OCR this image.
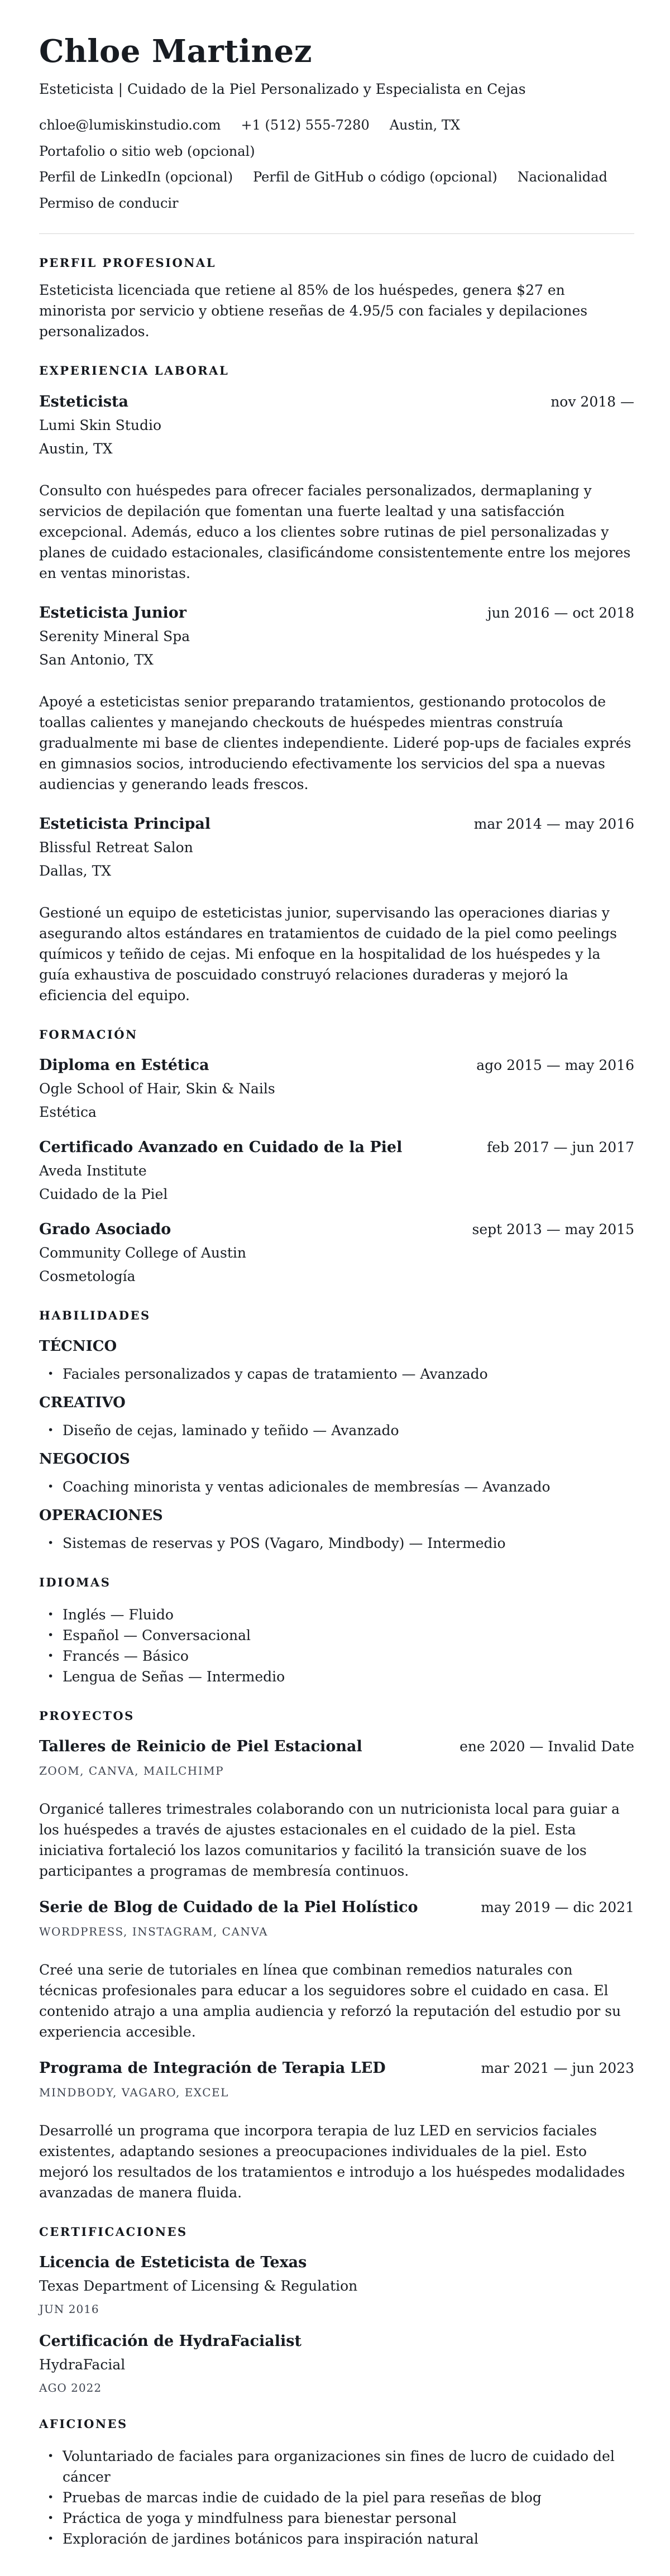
Chloe Martinez
Esteticista | Cuidado de la Piel Personalizado y Especialista en Cejas
chloe@lumiskinstudio.com +1 (512) 555-7280 Austin, TX
Portafolio o sitio web (opcional)
Perfil de LinkedIn (opcional) Perfil de GitHub o código (opcional) Nacionalidad
Permiso de conducir
PERFIL PROFESIONAL

Esteticista licenciada que retiene al 85% de los huéspedes, genera $27 en minorista por servicio y obtiene reseñas de 4.95/5 con faciales y depilaciones personalizados.

EXPERIENCIA LABORAL
Esteticista	nov 2018 —
Lumi Skin Studio
Austin, TX

Consulto con huéspedes para ofrecer faciales personalizados, dermaplaning y servicios de depilación que fomentan una fuerte lealtad y una satisfacción excepcional. Además, educo a los clientes sobre rutinas de piel personalizadas y planes de cuidado estacionales, clasificándome consistentemente entre los mejores en ventas minoristas.

Esteticista Junior	jun 2016 — oct 2018
Serenity Mineral Spa
San Antonio, TX

Apoyé a esteticistas senior preparando tratamientos, gestionando protocolos de toallas calientes y manejando checkouts de huéspedes mientras construía gradualmente mi base de clientes independiente. Lideré pop-ups de faciales exprés en gimnasios socios, introduciendo efectivamente los servicios del spa a nuevas audiencias y generando leads frescos.

Esteticista Principal	mar 2014 — may 2016
Blissful Retreat Salon
Dallas, TX

Gestioné un equipo de esteticistas junior, supervisando las operaciones diarias y asegurando altos estándares en tratamientos de cuidado de la piel como peelings químicos y teñido de cejas. Mi enfoque en la hospitalidad de los huéspedes y la guía exhaustiva de poscuidado construyó relaciones duraderas y mejoró la eficiencia del equipo.

FORMACIÓN
Diploma en Estética	ago 2015 — may 2016
Ogle School of Hair, Skin & Nails
Estética
Certificado Avanzado en Cuidado de la Piel	feb 2017 — jun 2017
Aveda Institute
Cuidado de la Piel
Grado Asociado	sept 2013 — may 2015
Community College of Austin
Cosmetología
HABILIDADES
TÉCNICO
•
Faciales personalizados y capas de tratamiento — Avanzado
CREATIVO
•
Diseño de cejas, laminado y teñido — Avanzado
NEGOCIOS
•
Coaching minorista y ventas adicionales de membresías — Avanzado
OPERACIONES
•
Sistemas de reservas y POS (Vagaro, Mindbody) — Intermedio
IDIOMAS
•
Inglés — Fluido
•
Español — Conversacional
•
Francés — Básico
•
Lengua de Señas — Intermedio
PROYECTOS
Talleres de Reinicio de Piel Estacional	ene 2020 — Invalid Date
ZOOM, CANVA, MAILCHIMP

Organicé talleres trimestrales colaborando con un nutricionista local para guiar a los huéspedes a través de ajustes estacionales en el cuidado de la piel. Esta iniciativa fortaleció los lazos comunitarios y facilitó la transición suave de los participantes a programas de membresía continuos.

Serie de Blog de Cuidado de la Piel Holístico	may 2019 — dic 2021
WORDPRESS, INSTAGRAM, CANVA

Creé una serie de tutoriales en línea que combinan remedios naturales con técnicas profesionales para educar a los seguidores sobre el cuidado en casa. El contenido atrajo a una amplia audiencia y reforzó la reputación del estudio por su experiencia accesible.

Programa de Integración de Terapia LED	mar 2021 — jun 2023
MINDBODY, VAGARO, EXCEL

Desarrollé un programa que incorpora terapia de luz LED en servicios faciales existentes, adaptando sesiones a preocupaciones individuales de la piel. Esto mejoró los resultados de los tratamientos e introdujo a los huéspedes modalidades avanzadas de manera fluida.

CERTIFICACIONES
Licencia de Esteticista de Texas
Texas Department of Licensing & Regulation
JUN 2016
Certificación de HydraFacialist
HydraFacial
AGO 2022
AFICIONES
•
Voluntariado de faciales para organizaciones sin fines de lucro de cuidado del cáncer
•
Pruebas de marcas indie de cuidado de la piel para reseñas de blog
•
Práctica de yoga y mindfulness para bienestar personal
•
Exploración de jardines botánicos para inspiración natural
